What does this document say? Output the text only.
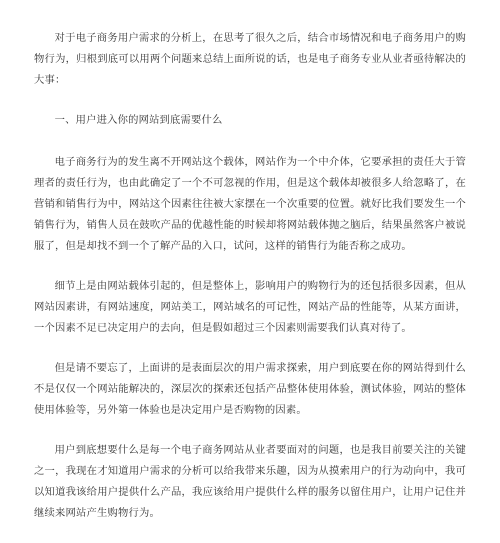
对于电子商务用户需求的分析上，在思考了很久之后，结合市场情况和电子商务用户的购物行为，归根到底可以用两个问题来总结上面所说的话，也是电子商务专业从业者亟待解决的大事：

一、用户进入你的网站到底需要什么

电子商务行为的发生离不开网站这个载体，网站作为一个中介体，它要承担的责任大于管理者的责任行为，也由此确定了一个不可忽视的作用，但是这个载体却被很多人给忽略了，在营销和销售行为中，网站这个因素往往被大家摆在一个次重要的位置。就好比我们要发生一个销售行为，销售人员在鼓吹产品的优越性能的时候却将网站载体抛之脑后，结果虽然客户被说服了，但是却找不到一个了解产品的入口，试问，这样的销售行为能否称之成功。

细节上是由网站载体引起的，但是整体上，影响用户的购物行为的还包括很多因素，但从网站因素讲，有网站速度，网站美工，网站域名的可记性，网站产品的性能等，从某方面讲，一个因素不足已决定用户的去向，但是假如超过三个因素则需要我们认真对待了。

但是请不要忘了，上面讲的是表面层次的用户需求探索，用户到底要在你的网站得到什么不是仅仅一个网站能解决的，深层次的探索还包括产品整体使用体验，测试体验，网站的整体使用体验等，另外第一体验也是决定用户是否购物的因素。

用户到底想要什么是每一个电子商务网站从业者要面对的问题，也是我目前要关注的关键之一，我现在才知道用户需求的分析可以给我带来乐趣，因为从摸索用户的行为动向中，我可以知道我该给用户提供什么产品，我应该给用户提供什么样的服务以留住用户，让用户记住并继续来网站产生购物行为。
